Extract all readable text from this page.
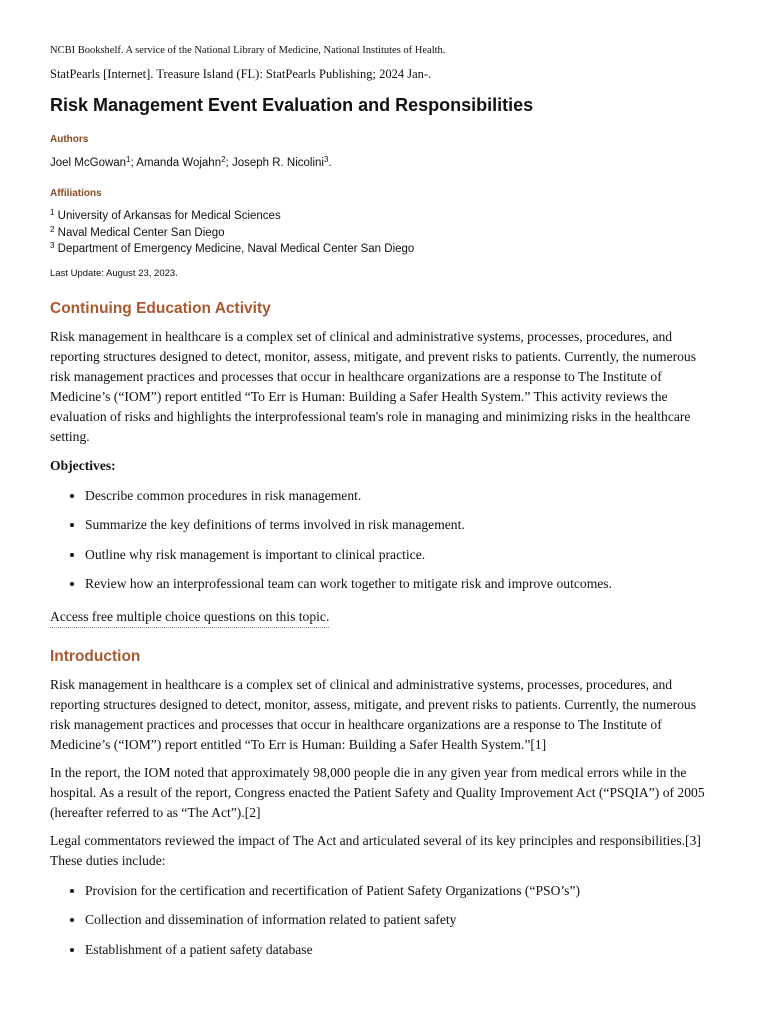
NCBI Bookshelf. A service of the National Library of Medicine, National Institutes of Health.

StatPearls [Internet]. Treasure Island (FL): StatPearls Publishing; 2024 Jan-.

Risk Management Event Evaluation and Responsibilities
Authors
Joel McGowan$^1$; Amanda Wojahn$^2$; Joseph R. Nicolini$^3$.
Affiliations
$^1$ University of Arkansas for Medical Sciences
$^2$ Naval Medical Center San Diego
$^3$ Department of Emergency Medicine, Naval Medical Center San Diego

Last Update: August 23, 2023.

Continuing Education Activity

Risk management in healthcare is a complex set of clinical and administrative systems, processes, procedures, and reporting structures designed to detect, monitor, assess, mitigate, and prevent risks to patients. Currently, the numerous risk management practices and processes that occur in healthcare organizations are a response to The Institute of Medicine’s (“IOM”) report entitled “To Err is Human: Building a Safer Health System.” This activity reviews the evaluation of risks and highlights the interprofessional team's role in managing and minimizing risks in the healthcare setting.

Objectives:

• Describe common procedures in risk management.
• Summarize the key definitions of terms involved in risk management.
• Outline why risk management is important to clinical practice.
• Review how an interprofessional team can work together to mitigate risk and improve outcomes.
Access free multiple choice questions on this topic.
Introduction

Risk management in healthcare is a complex set of clinical and administrative systems, processes, procedures, and reporting structures designed to detect, monitor, assess, mitigate, and prevent risks to patients. Currently, the numerous risk management practices and processes that occur in healthcare organizations are a response to The Institute of Medicine’s (“IOM”) report entitled “To Err is Human: Building a Safer Health System.”[1]

In the report, the IOM noted that approximately 98,000 people die in any given year from medical errors while in the hospital. As a result of the report, Congress enacted the Patient Safety and Quality Improvement Act (“PSQIA”) of 2005 (hereafter referred to as “The Act”).[2]

Legal commentators reviewed the impact of The Act and articulated several of its key principles and responsibilities.[3] These duties include:

• Provision for the certification and recertification of Patient Safety Organizations (“PSO’s”)
• Collection and dissemination of information related to patient safety
• Establishment of a patient safety database
